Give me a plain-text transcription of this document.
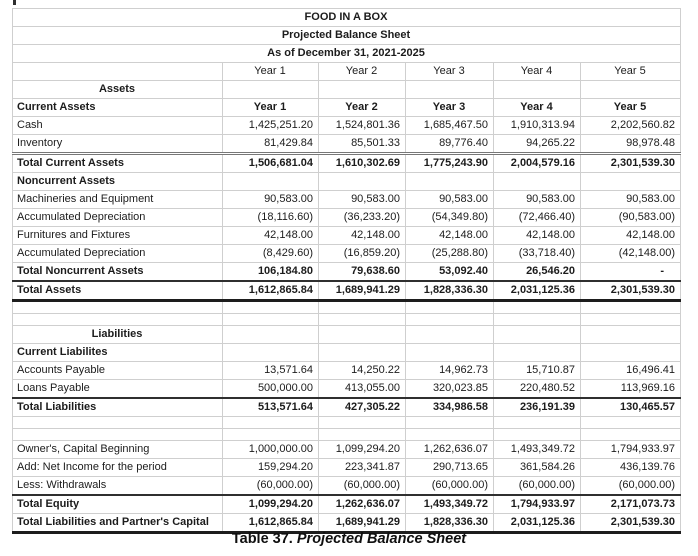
FOOD IN A BOX					
Projected Balance Sheet					
As of December 31, 2021-2025					
	Year 1	Year 2	Year 3	Year 4	Year 5
Assets					
Current Assets	Year 1	Year 2	Year 3	Year 4	Year 5
Cash	1,425,251.20	1,524,801.36	1,685,467.50	1,910,313.94	2,202,560.82
Inventory	81,429.84	85,501.33	89,776.40	94,265.22	98,978.48
Total Current Assets	1,506,681.04	1,610,302.69	1,775,243.90	2,004,579.16	2,301,539.30
Noncurrent Assets					
Machineries and Equipment	90,583.00	90,583.00	90,583.00	90,583.00	90,583.00
Accumulated Depreciation	(18,116.60)	(36,233.20)	(54,349.80)	(72,466.40)	(90,583.00)
Furnitures and Fixtures	42,148.00	42,148.00	42,148.00	42,148.00	42,148.00
Accumulated Depreciation	(8,429.60)	(16,859.20)	(25,288.80)	(33,718.40)	(42,148.00)
Total Noncurrent Assets	106,184.80	79,638.60	53,092.40	26,546.20	-
Total Assets	1,612,865.84	1,689,941.29	1,828,336.30	2,031,125.36	2,301,539.30

Liabilities					
Current Liabilites					
Accounts Payable	13,571.64	14,250.22	14,962.73	15,710.87	16,496.41
Loans Payable	500,000.00	413,055.00	320,023.85	220,480.52	113,969.16
Total Liabilities	513,571.64	427,305.22	334,986.58	236,191.39	130,465.57

Owner's, Capital Beginning	1,000,000.00	1,099,294.20	1,262,636.07	1,493,349.72	1,794,933.97
Add: Net Income for the period	159,294.20	223,341.87	290,713.65	361,584.26	436,139.76
Less: Withdrawals	(60,000.00)	(60,000.00)	(60,000.00)	(60,000.00)	(60,000.00)
Total Equity	1,099,294.20	1,262,636.07	1,493,349.72	1,794,933.97	2,171,073.73
Total Liabilities and Partner's Capital	1,612,865.84	1,689,941.29	1,828,336.30	2,031,125.36	2,301,539.30
Table 37. Projected Balance Sheet
